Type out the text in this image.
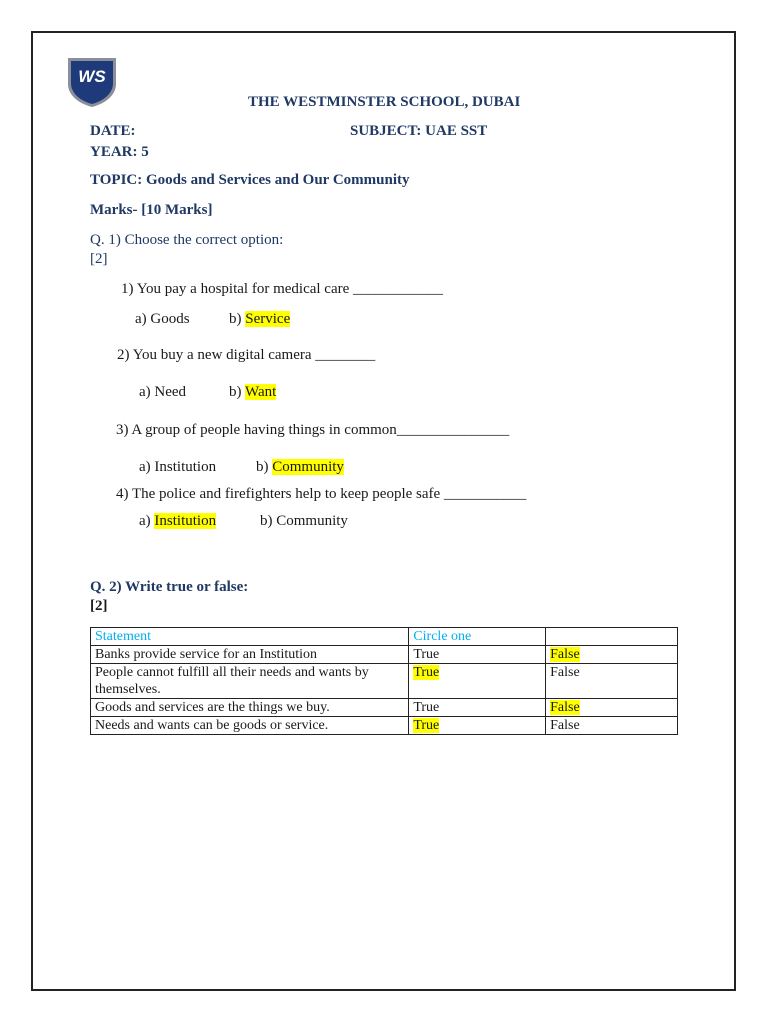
WS
THE WESTMINSTER SCHOOL, DUBAI
DATE:	SUBJECT: UAE SST
YEAR: 5
TOPIC: Goods and Services and Our Community
Marks- [10 Marks]
Q. 1) Choose the correct option:
[2]
1) You pay a hospital for medical care ____________
a) Goods	b) Service
2) You buy a new digital camera ________
a) Need	b) Want
3) A group of people having things in common_______________
a) Institution	b) Community
4) The police and firefighters help to keep people safe ___________
a) Institution	b) Community
Q. 2) Write true or false:
[2]
Statement	Circle one	
Banks provide service for an Institution	True	False
People cannot fulfill all their needs and wants by themselves.	True	False
Goods and services are the things we buy.	True	False
Needs and wants can be goods or service.	True	False
